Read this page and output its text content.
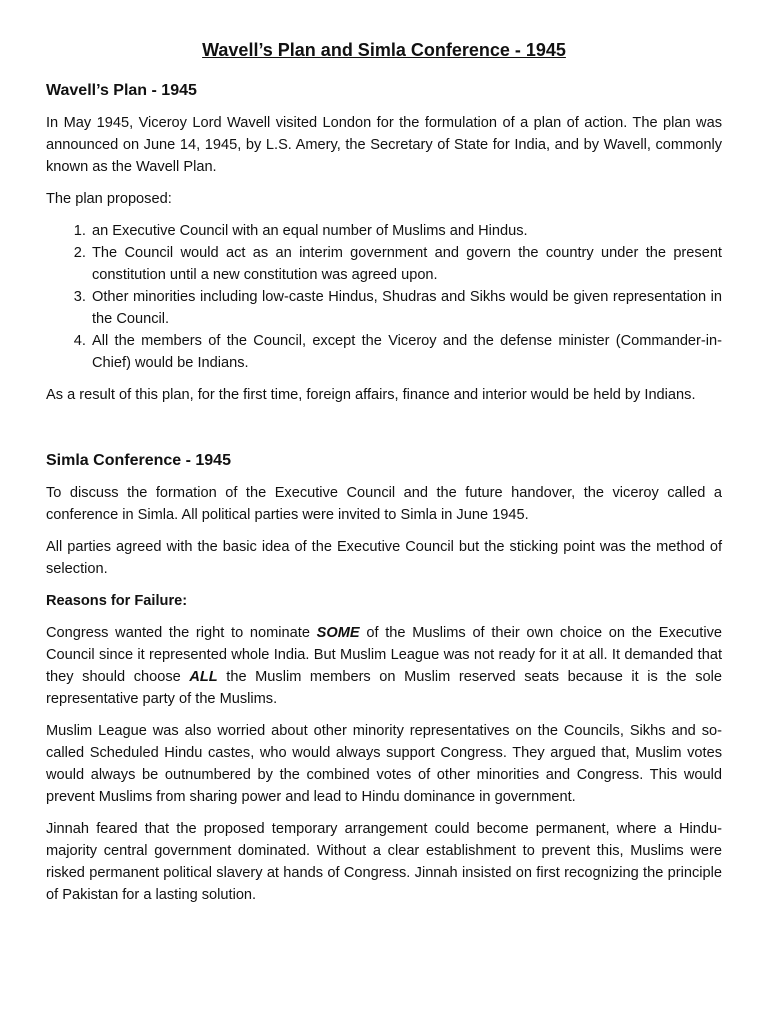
Wavell’s Plan and Simla Conference - 1945
Wavell’s Plan - 1945

In May 1945, Viceroy Lord Wavell visited London for the formulation of a plan of action. The plan was announced on June 14, 1945, by L.S. Amery, the Secretary of State for India, and by Wavell, commonly known as the Wavell Plan.

The plan proposed:

1. an Executive Council with an equal number of Muslims and Hindus.
2. The Council would act as an interim government and govern the country under the present constitution until a new constitution was agreed upon.
3. Other minorities including low-caste Hindus, Shudras and Sikhs would be given representation in the Council.
4. All the members of the Council, except the Viceroy and the defense minister (Commander-in-Chief) would be Indians.

As a result of this plan, for the first time, foreign affairs, finance and interior would be held by Indians.

Simla Conference - 1945

To discuss the formation of the Executive Council and the future handover, the viceroy called a conference in Simla. All political parties were invited to Simla in June 1945.

All parties agreed with the basic idea of the Executive Council but the sticking point was the method of selection.

Reasons for Failure:

Congress wanted the right to nominate SOME of the Muslims of their own choice on the Executive Council since it represented whole India. But Muslim League was not ready for it at all. It demanded that they should choose ALL the Muslim members on Muslim reserved seats because it is the sole representative party of the Muslims.

Muslim League was also worried about other minority representatives on the Councils, Sikhs and so-called Scheduled Hindu castes, who would always support Congress. They argued that, Muslim votes would always be outnumbered by the combined votes of other minorities and Congress. This would prevent Muslims from sharing power and lead to Hindu dominance in government.

Jinnah feared that the proposed temporary arrangement could become permanent, where a Hindu-majority central government dominated. Without a clear establishment to prevent this, Muslims were risked permanent political slavery at hands of Congress. Jinnah insisted on first recognizing the principle of Pakistan for a lasting solution.
